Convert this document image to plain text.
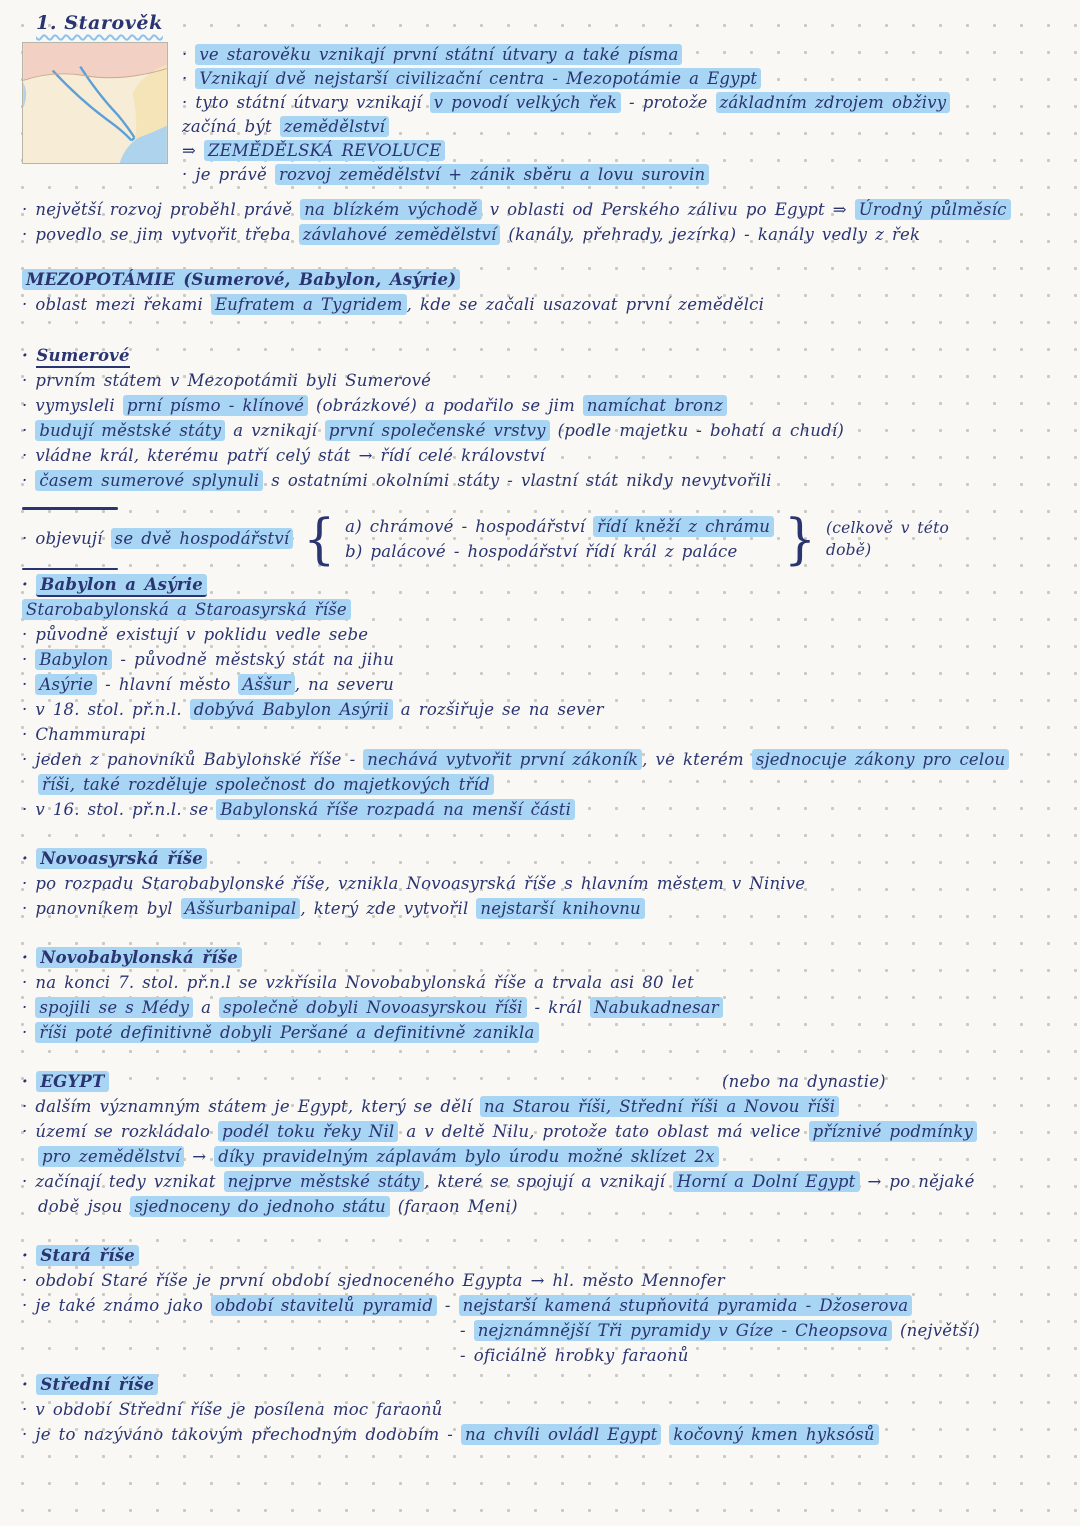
1. Starověk
· ve starověku vznikají první státní útvary a také písma
· Vznikají dvě nejstarší civilizační centra - Mezopotámie a Egypt
· tyto státní útvary vznikají v povodí velkých řek - protože základním zdrojem obživy
začíná být zemědělství
⇒ ZEMĚDĚLSKÁ REVOLUCE
· je právě rozvoj zemědělství + zánik sběru a lovu surovin
· největší rozvoj proběhl právě na blízkém východě v oblasti od Perského zálivu po Egypt ⇒ Úrodný půlměsíc
· povedlo se jim vytvořit třeba závlahové zemědělství (kanály, přehrady, jezírka) - kanály vedly z řek
MEZOPOTÁMIE (Sumerové, Babylon, Asýrie)
· oblast mezi řekami Eufratem a Tygridem , kde se začali usazovat první zemědělci
· Sumerové
· prvním státem v Mezopotámii byli Sumerové
· vymysleli prní písmo - klínové (obrázkové) a podařilo se jim namíchat bronz
· budují městské státy a vznikají první společenské vrstvy (podle majetku - bohatí a chudí)
· vládne král, kterému patří celý stát → řídí celé království
· časem sumerové splynuli s ostatními okolními státy - vlastní stát nikdy nevytvořili
· objevují se dvě hospodářství { a) chrámové - hospodářství řídí kněží z chrámu
b) palácové - hospodářství řídí král z paláce } (celkově v této
době)
· Babylon a Asýrie
Starobabylonská a Staroasyrská říše
· původně existují v poklidu vedle sebe
· Babylon - původně městský stát na jihu
· Asýrie - hlavní město Aššur , na severu
· v 18. stol. př.n.l. dobývá Babylon Asýrii a rozšiřuje se na sever
· Chammurapi
· jeden z panovníků Babylonské říše - nechává vytvořit první zákoník , ve kterém sjednocuje zákony pro celou
říši, také rozděluje společnost do majetkových tříd
· v 16. stol. př.n.l. se Babylonská říše rozpadá na menší části
· Novoasyrská říše
· po rozpadu Starobabylonské říše, vznikla Novoasyrská říše s hlavním městem v Ninive
· panovníkem byl Aššurbanipal , který zde vytvořil nejstarší knihovnu
· Novobabylonská říše
· na konci 7. stol. př.n.l se vzkřísila Novobabylonská říše a trvala asi 80 let
· spojili se s Médy a společně dobyli Novoasyrskou říši - král Nabukadnesar
· říši poté definitivně dobyli Peršané a definitivně zanikla
· EGYPT	(nebo na dynastie)
· dalším významným státem je Egypt, který se dělí na Starou říši, Střední říši a Novou říši
· území se rozkládalo podél toku řeky Nil a v deltě Nilu, protože tato oblast má velice příznivé podmínky
pro zemědělství → díky pravidelným záplavám bylo úrodu možné sklízet 2x
· začínají tedy vznikat nejprve městské státy , které se spojují a vznikají Horní a Dolní Egypt → po nějaké
době jsou sjednoceny do jednoho státu (faraon Meni)
· Stará říše
· období Staré říše je první období sjednoceného Egypta → hl. město Mennofer
· je také známo jako období stavitelů pyramid - nejstarší kamená stupňovitá pyramida - Džoserova
- nejznámnější Tři pyramidy v Gíze - Cheopsova (největší)
- oficiálně hrobky faraonů
· Střední říše
· v období Střední říše je posílena moc faraonů
· je to nazýváno takovým přechodným dodobím - na chvíli ovládl Egypt kočovný kmen hyksósů
